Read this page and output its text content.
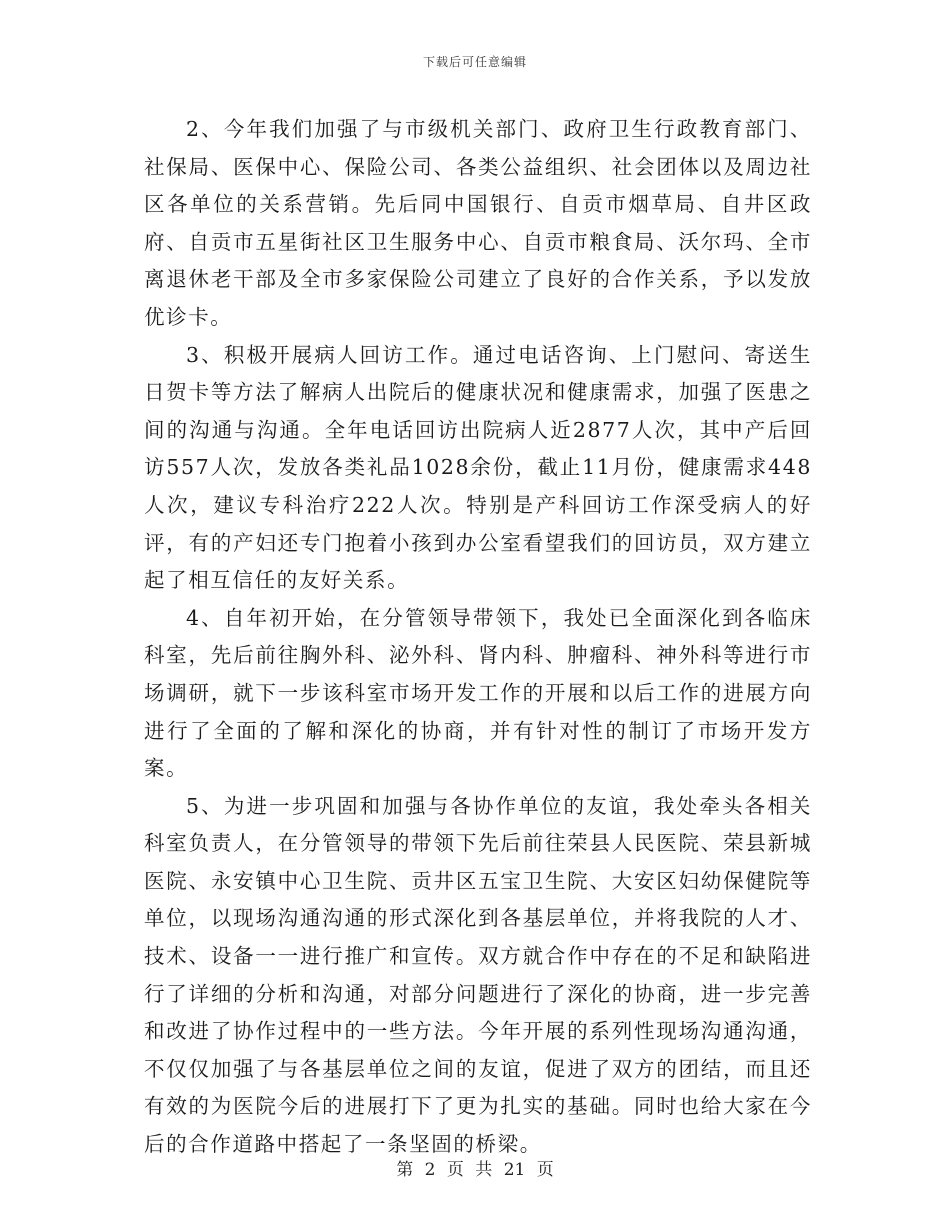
下载后可任意编辑

2、今年我们加强了与市级机关部门、政府卫生行政教育部门、社保局、医保中心、保险公司、各类公益组织、社会团体以及周边社区各单位的关系营销。先后同中国银行、自贡市烟草局、自井区政府、自贡市五星街社区卫生服务中心、自贡市粮食局、沃尔玛、全市离退休老干部及全市多家保险公司建立了良好的合作关系，予以发放优诊卡。

3、积极开展病人回访工作。通过电话咨询、上门慰问、寄送生日贺卡等方法了解病人出院后的健康状况和健康需求，加强了医患之间的沟通与沟通。全年电话回访出院病人近2877人次，其中产后回访557人次，发放各类礼品1028余份，截止11月份，健康需求448人次，建议专科治疗222人次。特别是产科回访工作深受病人的好评，有的产妇还专门抱着小孩到办公室看望我们的回访员，双方建立起了相互信任的友好关系。

4、自年初开始，在分管领导带领下，我处已全面深化到各临床科室，先后前往胸外科、泌外科、肾内科、肿瘤科、神外科等进行市场调研，就下一步该科室市场开发工作的开展和以后工作的进展方向进行了全面的了解和深化的协商，并有针对性的制订了市场开发方案。

5、为进一步巩固和加强与各协作单位的友谊，我处牵头各相关科室负责人，在分管领导的带领下先后前往荣县人民医院、荣县新城医院、永安镇中心卫生院、贡井区五宝卫生院、大安区妇幼保健院等单位，以现场沟通沟通的形式深化到各基层单位，并将我院的人才、技术、设备一一进行推广和宣传。双方就合作中存在的不足和缺陷进行了详细的分析和沟通，对部分问题进行了深化的协商，进一步完善和改进了协作过程中的一些方法。今年开展的系列性现场沟通沟通，不仅仅加强了与各基层单位之间的友谊，促进了双方的团结，而且还有效的为医院今后的进展打下了更为扎实的基础。同时也给大家在今后的合作道路中搭起了一条坚固的桥梁。

第 2 页 共 21 页
